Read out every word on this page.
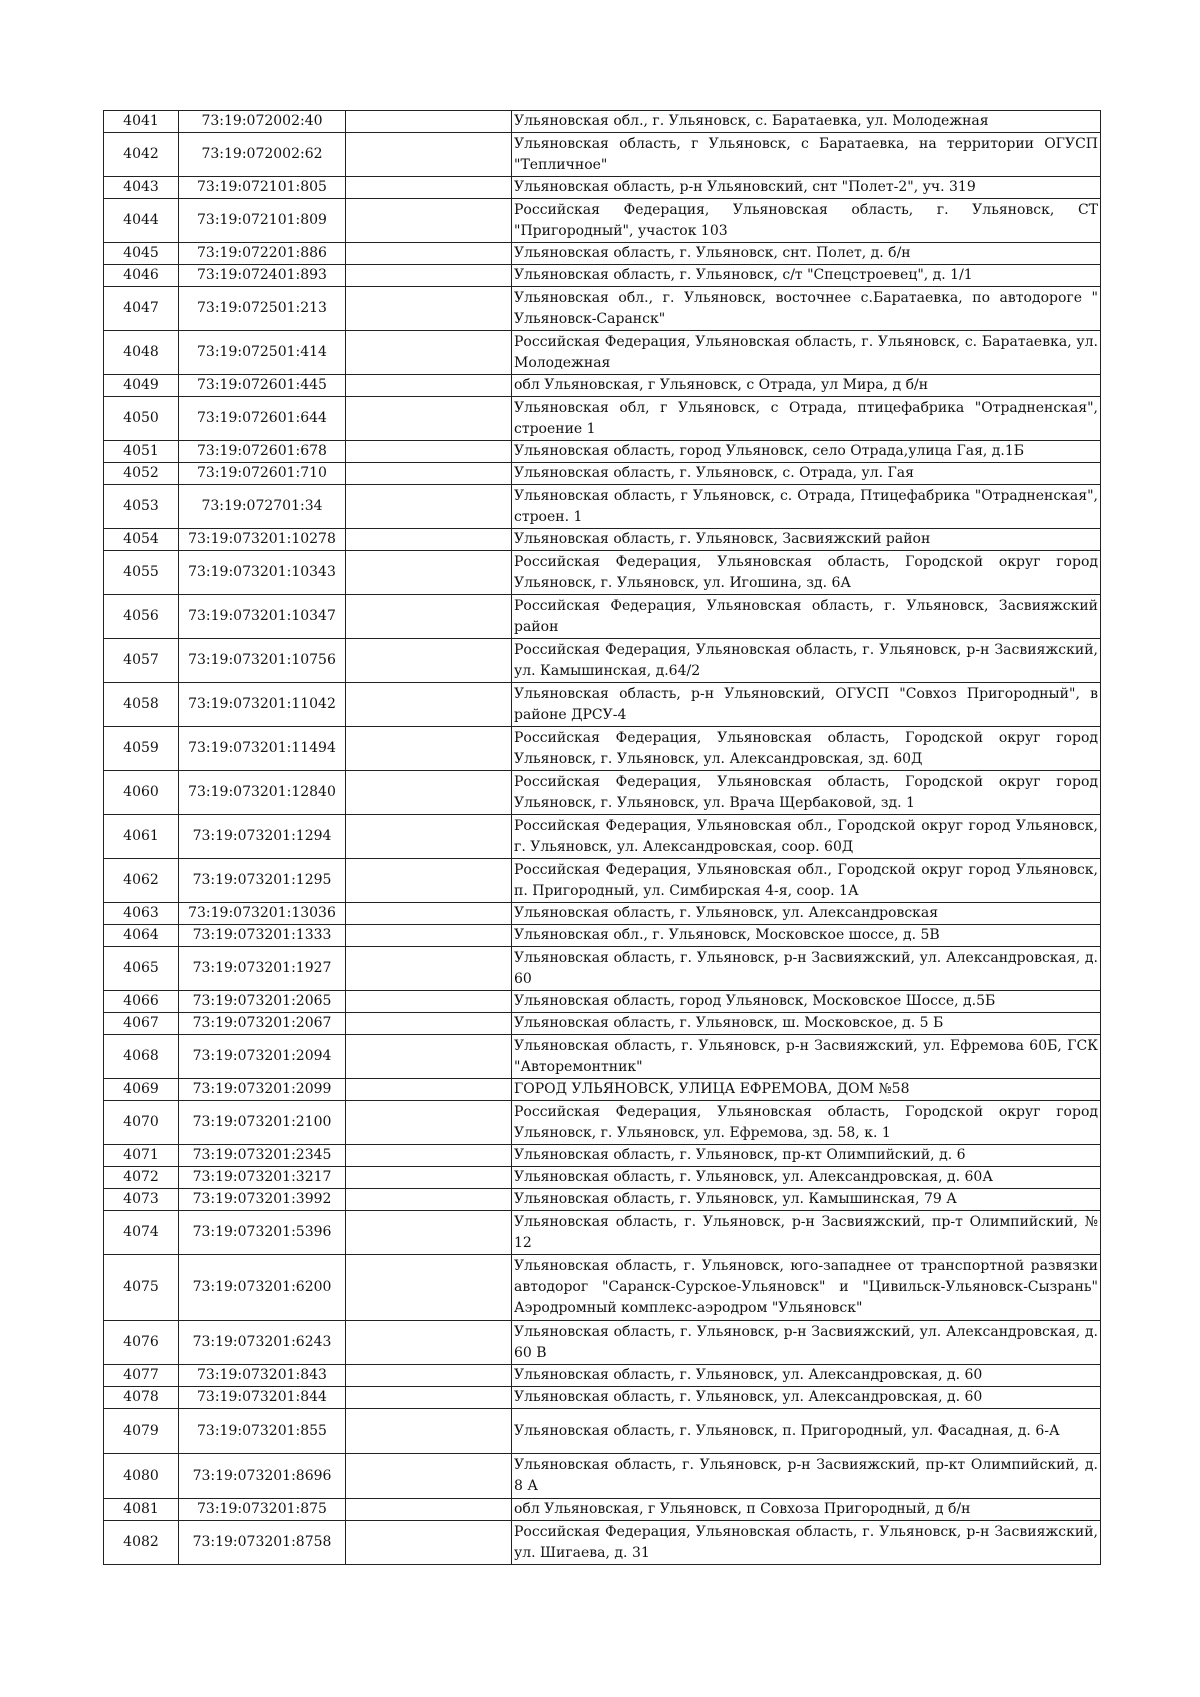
4041	73:19:072002:40		Ульяновская обл., г. Ульяновск, с. Баратаевка, ул. Молодежная
4042	73:19:072002:62		Ульяновская область, г Ульяновск, с Баратаевка, на территории ОГУСП "Тепличное"
4043	73:19:072101:805		Ульяновская область, р-н Ульяновский, снт "Полет-2", уч. 319
4044	73:19:072101:809		Российская Федерация, Ульяновская область, г. Ульяновск, СТ "Пригородный", участок 103
4045	73:19:072201:886		Ульяновская область, г. Ульяновск, снт. Полет, д. б/н
4046	73:19:072401:893		Ульяновская область, г. Ульяновск, с/т "Спецстроевец", д. 1/1
4047	73:19:072501:213		Ульяновская обл., г. Ульяновск, восточнее с.Баратаевка, по автодороге " Ульяновск-Саранск"
4048	73:19:072501:414		Российская Федерация, Ульяновская область, г. Ульяновск, с. Баратаевка, ул. Молодежная
4049	73:19:072601:445		обл Ульяновская, г Ульяновск, с Отрада, ул Мира, д б/н
4050	73:19:072601:644		Ульяновская обл, г Ульяновск, с Отрада, птицефабрика "Отрадненская", строение 1
4051	73:19:072601:678		Ульяновская область, город Ульяновск, село Отрада,улица Гая, д.1Б
4052	73:19:072601:710		Ульяновская область, г. Ульяновск, с. Отрада, ул. Гая
4053	73:19:072701:34		Ульяновская область, г Ульяновск, с. Отрада, Птицефабрика "Отрадненская", строен. 1
4054	73:19:073201:10278		Ульяновская область, г. Ульяновск, Засвияжский район
4055	73:19:073201:10343		Российская Федерация, Ульяновская область, Городской округ город Ульяновск, г. Ульяновск, ул. Игошина, зд. 6А
4056	73:19:073201:10347		Российская Федерация, Ульяновская область, г. Ульяновск, Засвияжский район
4057	73:19:073201:10756		Российская Федерация, Ульяновская область, г. Ульяновск, р-н Засвияжский, ул. Камышинская, д.64/2
4058	73:19:073201:11042		Ульяновская область, р-н Ульяновский, ОГУСП "Совхоз Пригородный", в районе ДРСУ-4
4059	73:19:073201:11494		Российская Федерация, Ульяновская область, Городской округ город Ульяновск, г. Ульяновск, ул. Александровская, зд. 60Д
4060	73:19:073201:12840		Российская Федерация, Ульяновская область, Городской округ город Ульяновск, г. Ульяновск, ул. Врача Щербаковой, зд. 1
4061	73:19:073201:1294		Российская Федерация, Ульяновская обл., Городской округ город Ульяновск, г. Ульяновск, ул. Александровская, соор. 60Д
4062	73:19:073201:1295		Российская Федерация, Ульяновская обл., Городской округ город Ульяновск, п. Пригородный, ул. Симбирская 4-я, соор. 1А
4063	73:19:073201:13036		Ульяновская область, г. Ульяновск, ул. Александровская
4064	73:19:073201:1333		Ульяновская обл., г. Ульяновск, Московское шоссе, д. 5В
4065	73:19:073201:1927		Ульяновская область, г. Ульяновск, р-н Засвияжский, ул. Александровская, д. 60
4066	73:19:073201:2065		Ульяновская область, город Ульяновск, Московское Шоссе, д.5Б
4067	73:19:073201:2067		Ульяновская область, г. Ульяновск, ш. Московское, д. 5 Б
4068	73:19:073201:2094		Ульяновская область, г. Ульяновск, р-н Засвияжский, ул. Ефремова 60Б, ГСК "Авторемонтник"
4069	73:19:073201:2099		ГОРОД УЛЬЯНОВСК, УЛИЦА ЕФРЕМОВА, ДОМ №58
4070	73:19:073201:2100		Российская Федерация, Ульяновская область, Городской округ город Ульяновск, г. Ульяновск, ул. Ефремова, зд. 58, к. 1
4071	73:19:073201:2345		Ульяновская область, г. Ульяновск, пр-кт Олимпийский, д. 6
4072	73:19:073201:3217		Ульяновская область, г. Ульяновск, ул. Александровская, д. 60А
4073	73:19:073201:3992		Ульяновская область, г. Ульяновск, ул. Камышинская, 79 А
4074	73:19:073201:5396		Ульяновская область, г. Ульяновск, р-н Засвияжский, пр-т Олимпийский, № 12
4075	73:19:073201:6200		Ульяновская область, г. Ульяновск, юго-западнее от транспортной развязки автодорог "Саранск-Сурское-Ульяновск" и "Цивильск-Ульяновск-Сызрань" Аэродромный комплекс-аэродром "Ульяновск"
4076	73:19:073201:6243		Ульяновская область, г. Ульяновск, р-н Засвияжский, ул. Александровская, д. 60 В
4077	73:19:073201:843		Ульяновская область, г. Ульяновск, ул. Александровская, д. 60
4078	73:19:073201:844		Ульяновская область, г. Ульяновск, ул. Александровская, д. 60
4079	73:19:073201:855		Ульяновская область, г. Ульяновск, п. Пригородный, ул. Фасадная, д. 6-А
4080	73:19:073201:8696		Ульяновская область, г. Ульяновск, р-н Засвияжский, пр-кт Олимпийский, д. 8 А
4081	73:19:073201:875		обл Ульяновская, г Ульяновск, п Совхоза Пригородный, д б/н
4082	73:19:073201:8758		Российская Федерация, Ульяновская область, г. Ульяновск, р-н Засвияжский, ул. Шигаева, д. 31
